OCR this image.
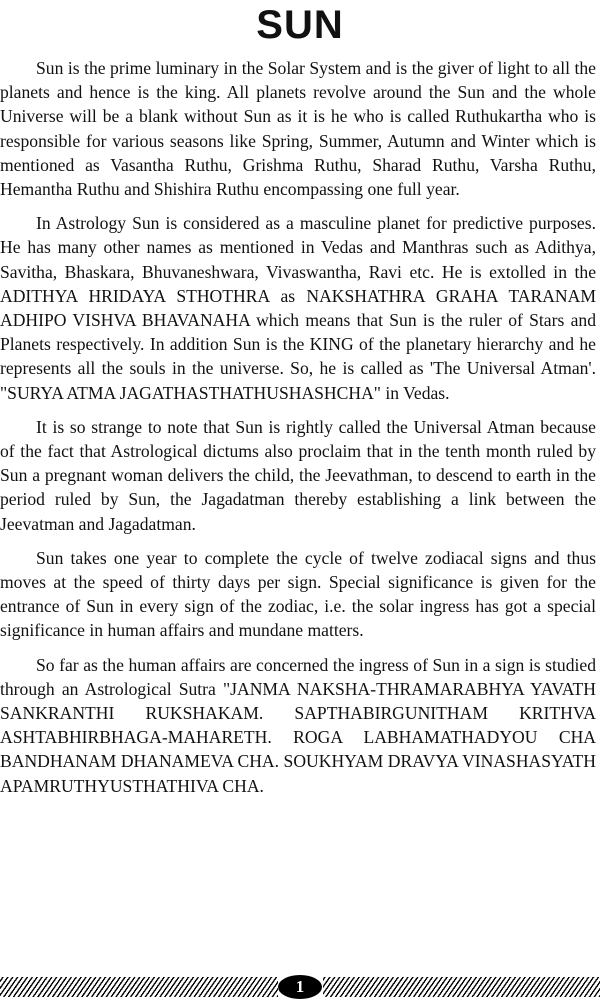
SUN

Sun is the prime luminary in the Solar System and is the giver of light to all the planets and hence is the king. All planets revolve around the Sun and the whole Universe will be a blank without Sun as it is he who is called Ruthukartha who is responsible for various seasons like Spring, Summer, Autumn and Winter which is mentioned as Vasantha Ruthu, Grishma Ruthu, Sharad Ruthu, Varsha Ruthu, Hemantha Ruthu and Shishira Ruthu encompassing one full year.

In Astrology Sun is considered as a masculine planet for predictive purposes. He has many other names as mentioned in Vedas and Manthras such as Adithya, Savitha, Bhaskara, Bhuvaneshwara, Vivaswantha, Ravi etc. He is extolled in the ADITHYA HRIDAYA STHOTHRA as NAKSHATHRA GRAHA TARANAM ADHIPO VISHVA BHAVANAHA which means that Sun is the ruler of Stars and Planets respectively. In addition Sun is the KING of the planetary hierarchy and he represents all the souls in the universe. So, he is called as 'The Universal Atman'. "SURYA ATMA JAGATHASTHATHUSHASHCHA" in Vedas.

It is so strange to note that Sun is rightly called the Universal Atman because of the fact that Astrological dictums also proclaim that in the tenth month ruled by Sun a pregnant woman delivers the child, the Jeevathman, to descend to earth in the period ruled by Sun, the Jagadatman thereby establishing a link between the Jeevatman and Jagadatman.

Sun takes one year to complete the cycle of twelve zodiacal signs and thus moves at the speed of thirty days per sign. Special significance is given for the entrance of Sun in every sign of the zodiac, i.e. the solar ingress has got a special significance in human affairs and mundane matters.

So far as the human affairs are concerned the ingress of Sun in a sign is studied through an Astrological Sutra "JANMA NAKSHA-THRAMARABHYA YAVATH SANKRANTHI RUKSHAKAM. SAPTHABIRGUNITHAM KRITHVA ASHTABHIRBHAGA-MAHARETH. ROGA LABHAMATHADYOU CHA BANDHANAM DHANAMEVA CHA. SOUKHYAM DRAVYA VINASHASYATH APAMRUTHYUSTHATHIVA CHA.

1
